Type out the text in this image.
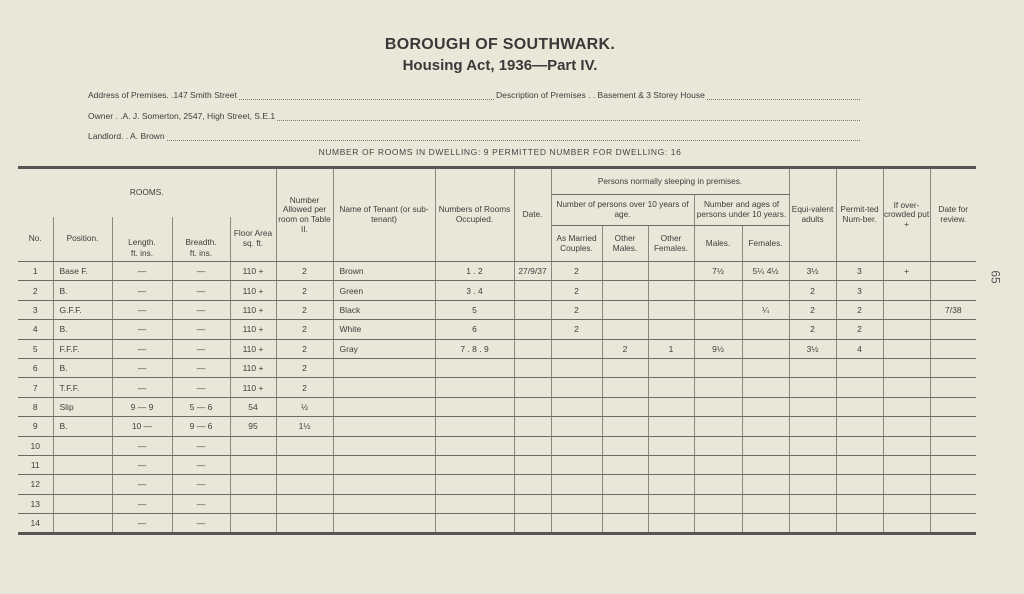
BOROUGH OF SOUTHWARK.
Housing Act, 1936—Part IV.
Address of Premises. .147 Smith Street	Description of Premises . . Basement & 3 Storey House
Owner . .A. J. Somerton, 2547, High Street, S.E.1
Landlord. . A. Brown
NUMBER OF ROOMS IN DWELLING: 9 PERMITTED NUMBER FOR DWELLING: 16
ROOMS.					Number Allowed per room on Table II.	Name of Tenant (or sub-tenant)	Numbers of Rooms Occupied.	Date.	Persons normally sleeping in premises.					Equi-valent adults	Permit-ted Num-ber.	If over-crowded put +	Date for review.
									Number of persons over 10 years of age.			Number and ages of persons under 10 years.					
No.	Position.			Floor Area sq. ft.													
		Length.	Breadth.						As Married Couples.	Other Males.	Other Females.	Males.	Females.				
		ft. ins.	ft. ins.														
1	Base F.	—	—	110 +	2	Brown	1 . 2	27/9/37	2			7½	5¼ 4½	3½	3	+	
2	B.	—	—	110 +	2	Green	3 . 4		2					2	3		
3	G.F.F.	—	—	110 +	2	Black	5		2				¼	2	2		7/38
4	B.	—	—	110 +	2	White	6		2					2	2		
5	F.F.F.	—	—	110 +	2	Gray	7 . 8 . 9			2	1	9½		3½	4		
6	B.	—	—	110 +	2												
7	T.F.F.	—	—	110 +	2												
8	Slip	9 — 9	5 — 6	54	½												
9	B.	10 —	9 — 6	95	1½												
10		—	—														
11		—	—														
12		—	—														
13		—	—														
14		—	—														
65
